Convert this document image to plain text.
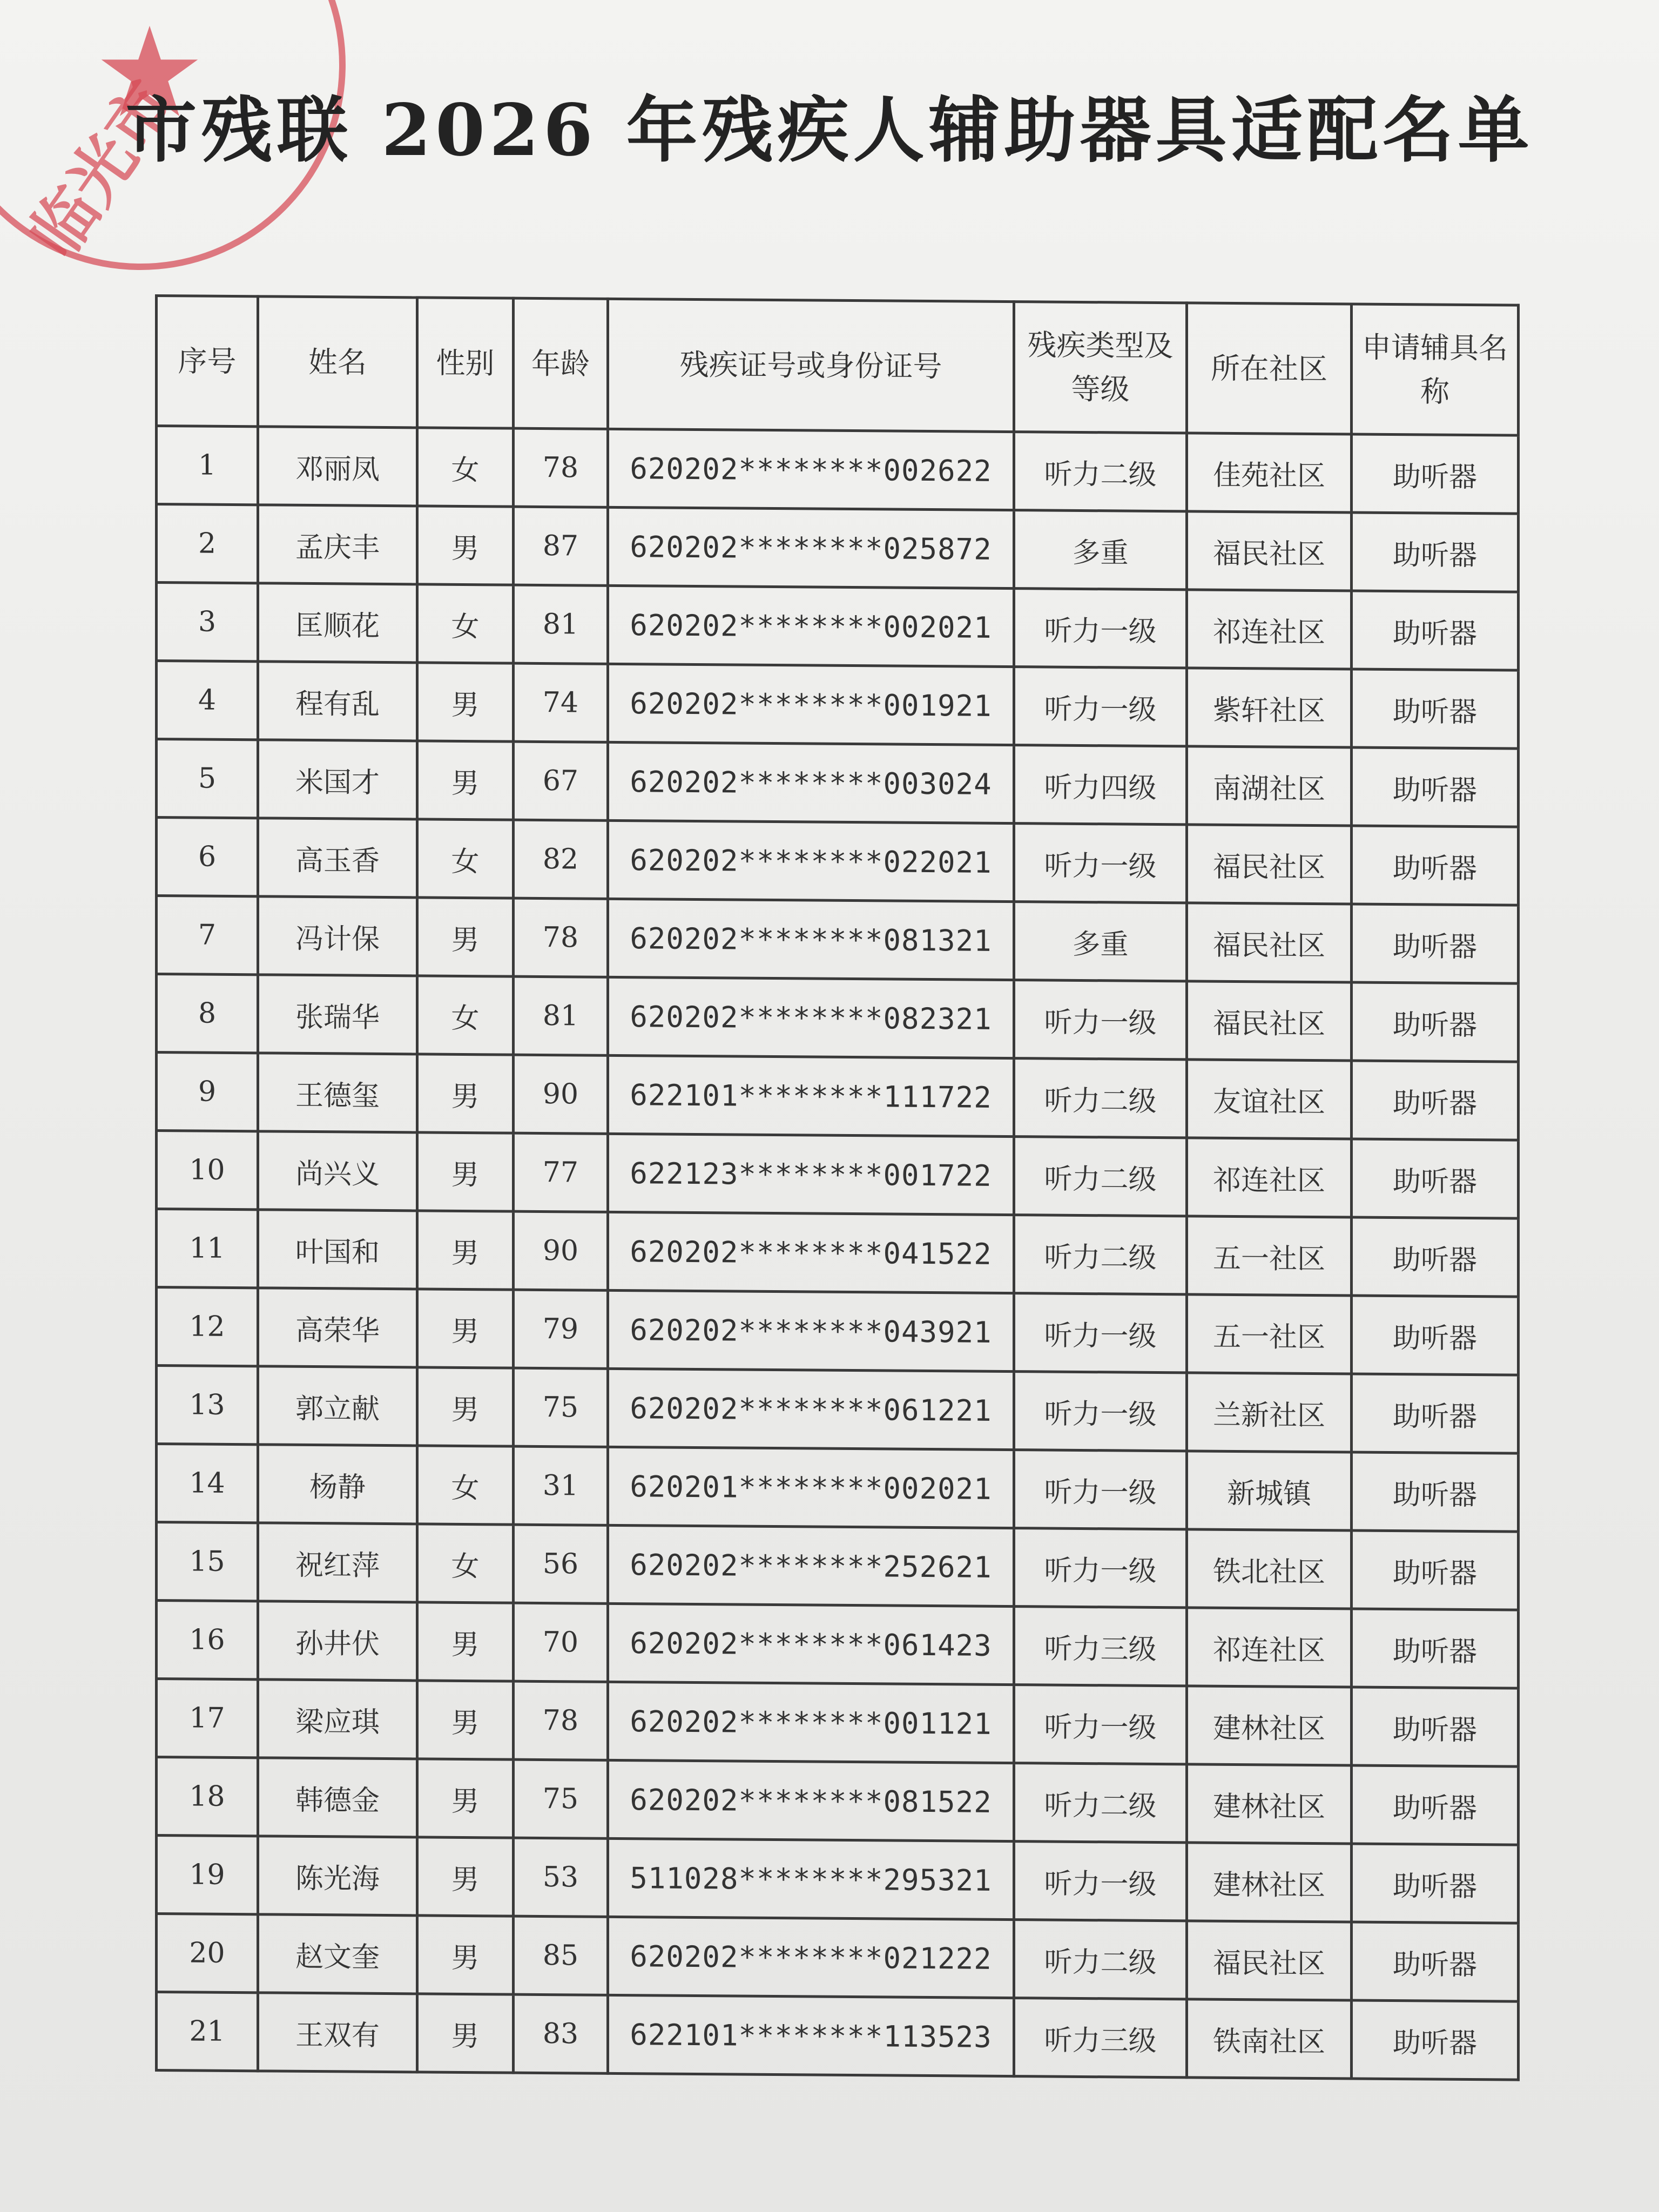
临光市
市残联 2026 年残疾人辅助器具适配名单
序号	姓名	性别	年龄	残疾证号或身份证号	残疾类型及等级	所在社区	申请辅具名称
1	邓丽凤	女	78	620202********002622	听力二级	佳苑社区	助听器
2	孟庆丰	男	87	620202********025872	多重	福民社区	助听器
3	匡顺花	女	81	620202********002021	听力一级	祁连社区	助听器
4	程有乱	男	74	620202********001921	听力一级	紫轩社区	助听器
5	米国才	男	67	620202********003024	听力四级	南湖社区	助听器
6	高玉香	女	82	620202********022021	听力一级	福民社区	助听器
7	冯计保	男	78	620202********081321	多重	福民社区	助听器
8	张瑞华	女	81	620202********082321	听力一级	福民社区	助听器
9	王德玺	男	90	622101********111722	听力二级	友谊社区	助听器
10	尚兴义	男	77	622123********001722	听力二级	祁连社区	助听器
11	叶国和	男	90	620202********041522	听力二级	五一社区	助听器
12	高荣华	男	79	620202********043921	听力一级	五一社区	助听器
13	郭立献	男	75	620202********061221	听力一级	兰新社区	助听器
14	杨静	女	31	620201********002021	听力一级	新城镇	助听器
15	祝红萍	女	56	620202********252621	听力一级	铁北社区	助听器
16	孙井伏	男	70	620202********061423	听力三级	祁连社区	助听器
17	梁应琪	男	78	620202********001121	听力一级	建林社区	助听器
18	韩德金	男	75	620202********081522	听力二级	建林社区	助听器
19	陈光海	男	53	511028********295321	听力一级	建林社区	助听器
20	赵文奎	男	85	620202********021222	听力二级	福民社区	助听器
21	王双有	男	83	622101********113523	听力三级	铁南社区	助听器
